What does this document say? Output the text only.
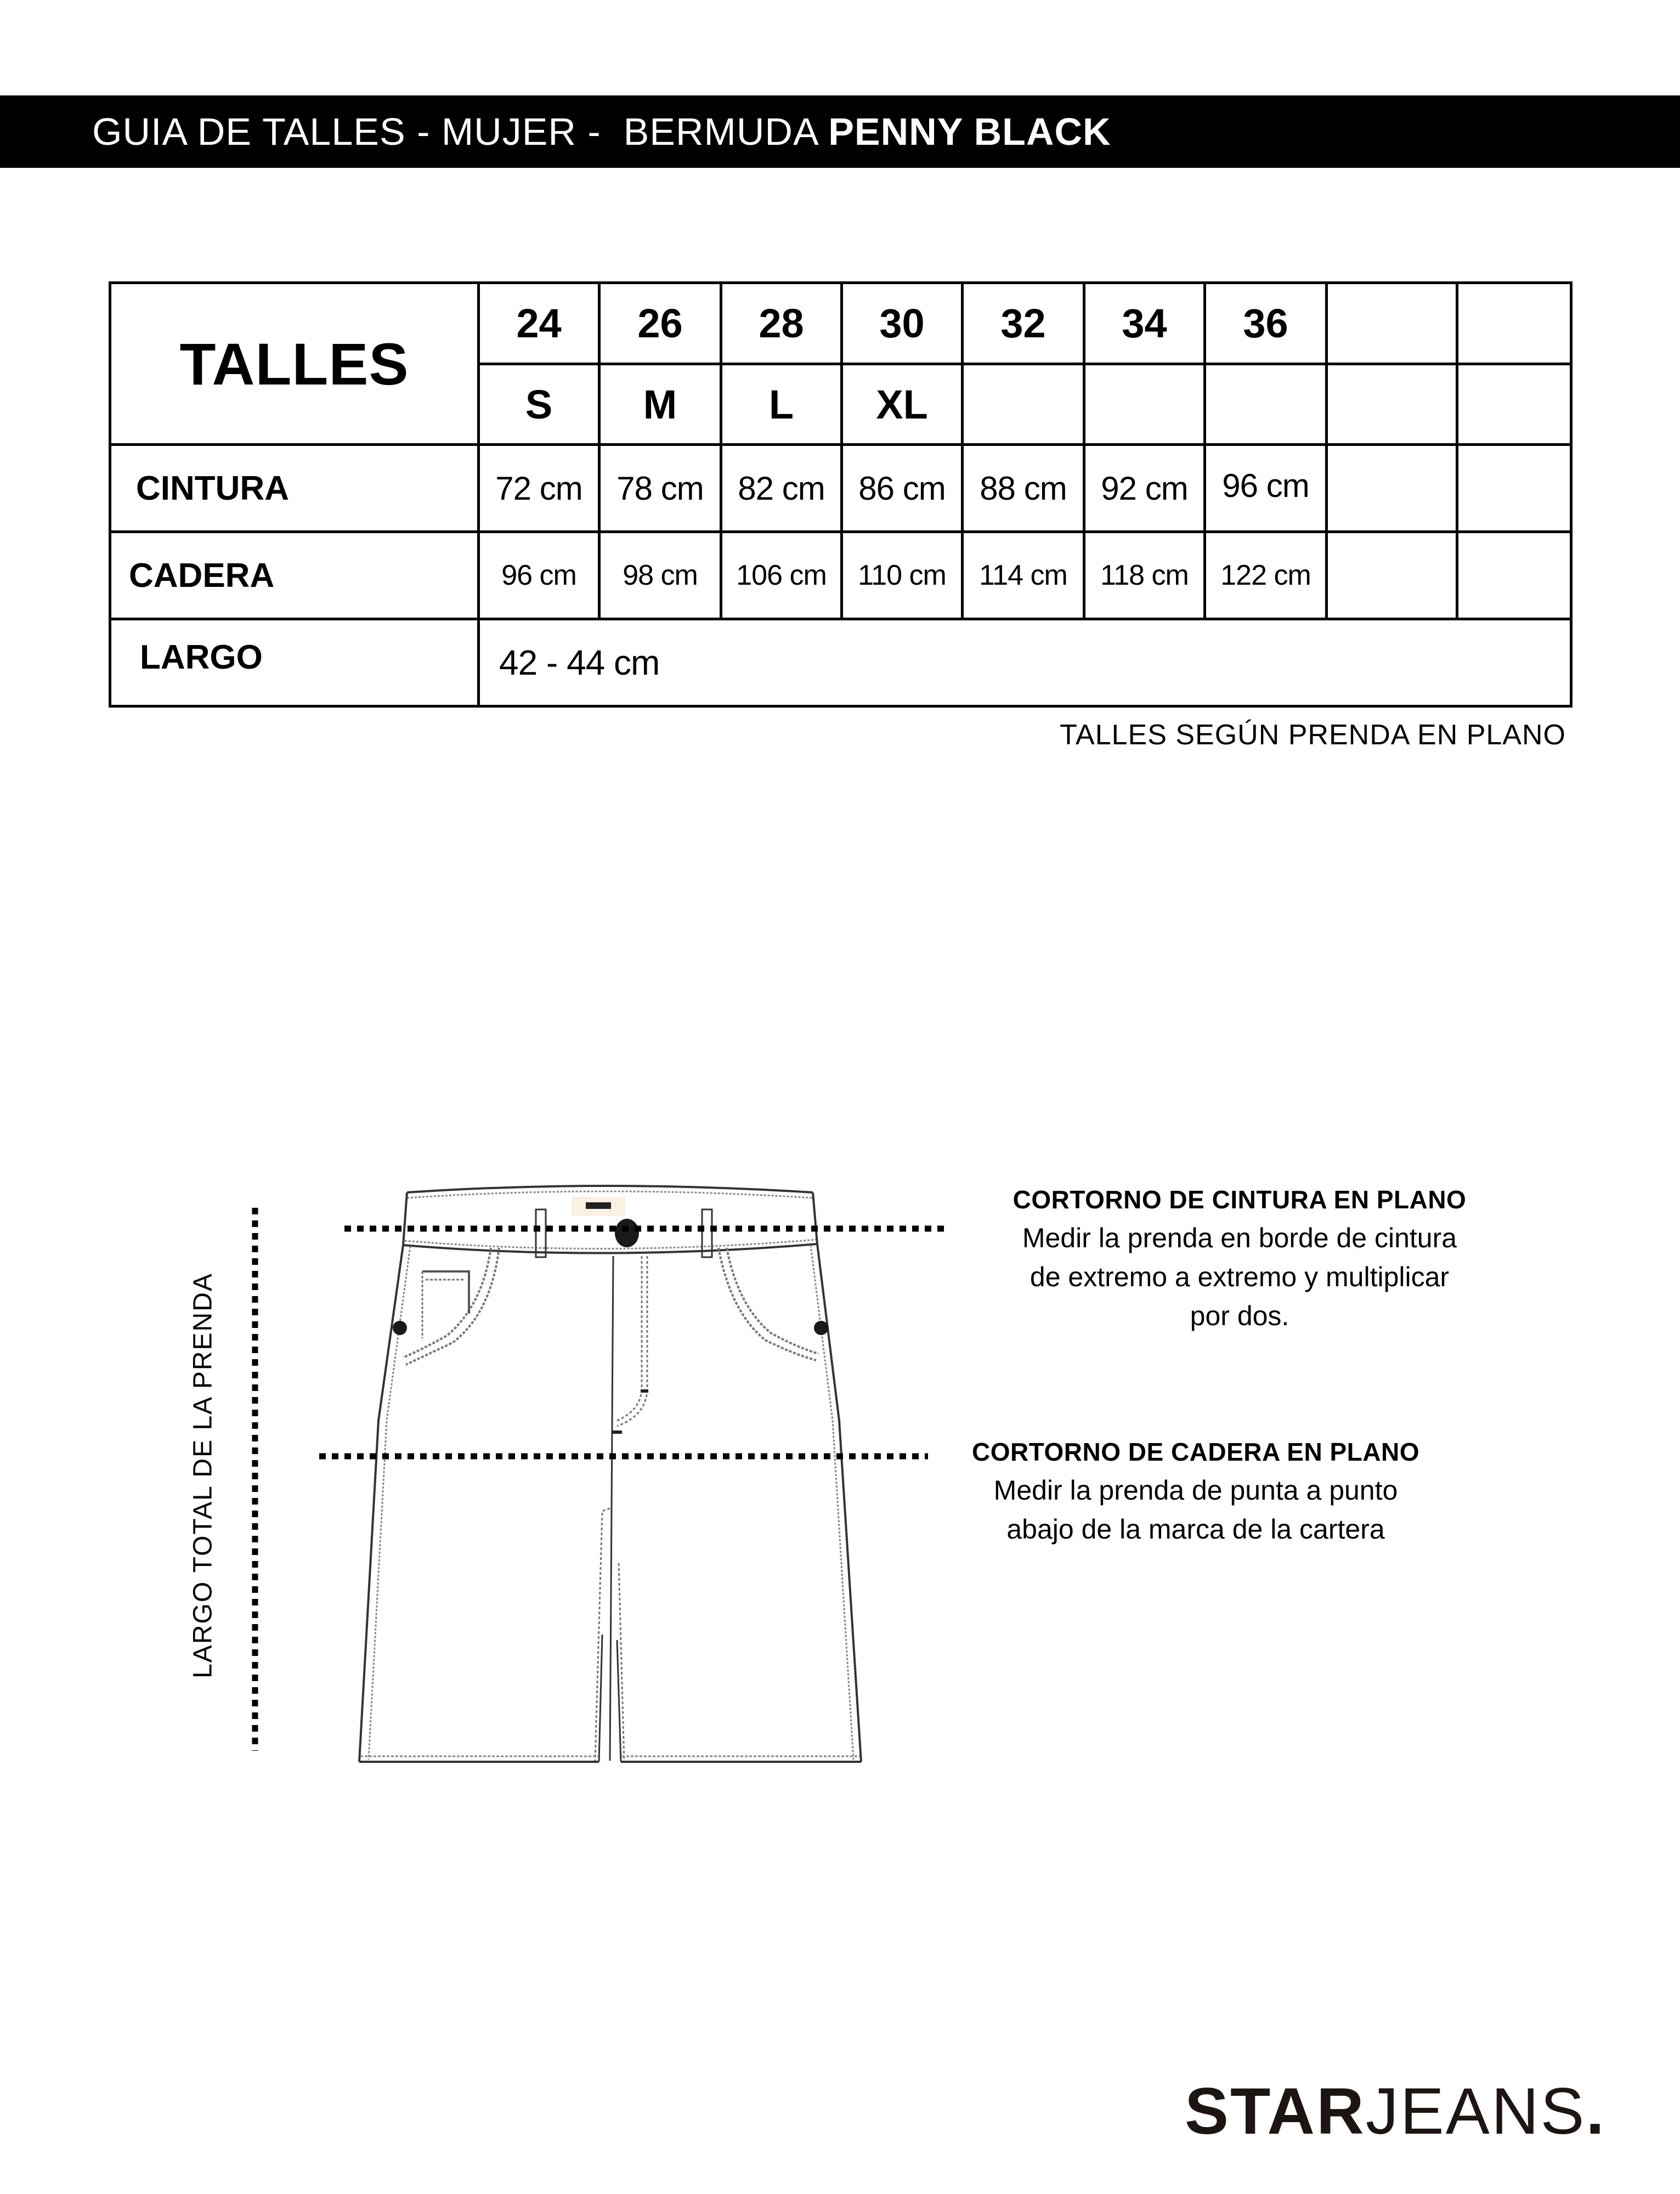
GUIA DE TALLES - MUJER -  BERMUDA PENNY BLACK
TALLES	24	26	28	30	32	34	36		
	S	M	L	XL					
CINTURA	72 cm	78 cm	82 cm	86 cm	88 cm	92 cm	96 cm		
CADERA	96 cm	98 cm	106 cm	110 cm	114 cm	118 cm	122 cm		
LARGO	42 - 44 cm								
TALLES SEGÚN PRENDA EN PLANO
LARGO TOTAL DE LA PRENDA
CORTORNO DE CINTURA EN PLANO
Medir la prenda en borde de cintura
de extremo a extremo y multiplicar
por dos.
CORTORNO DE CADERA EN PLANO
Medir la prenda de punta a punto
abajo de la marca de la cartera
STARJEANS.
